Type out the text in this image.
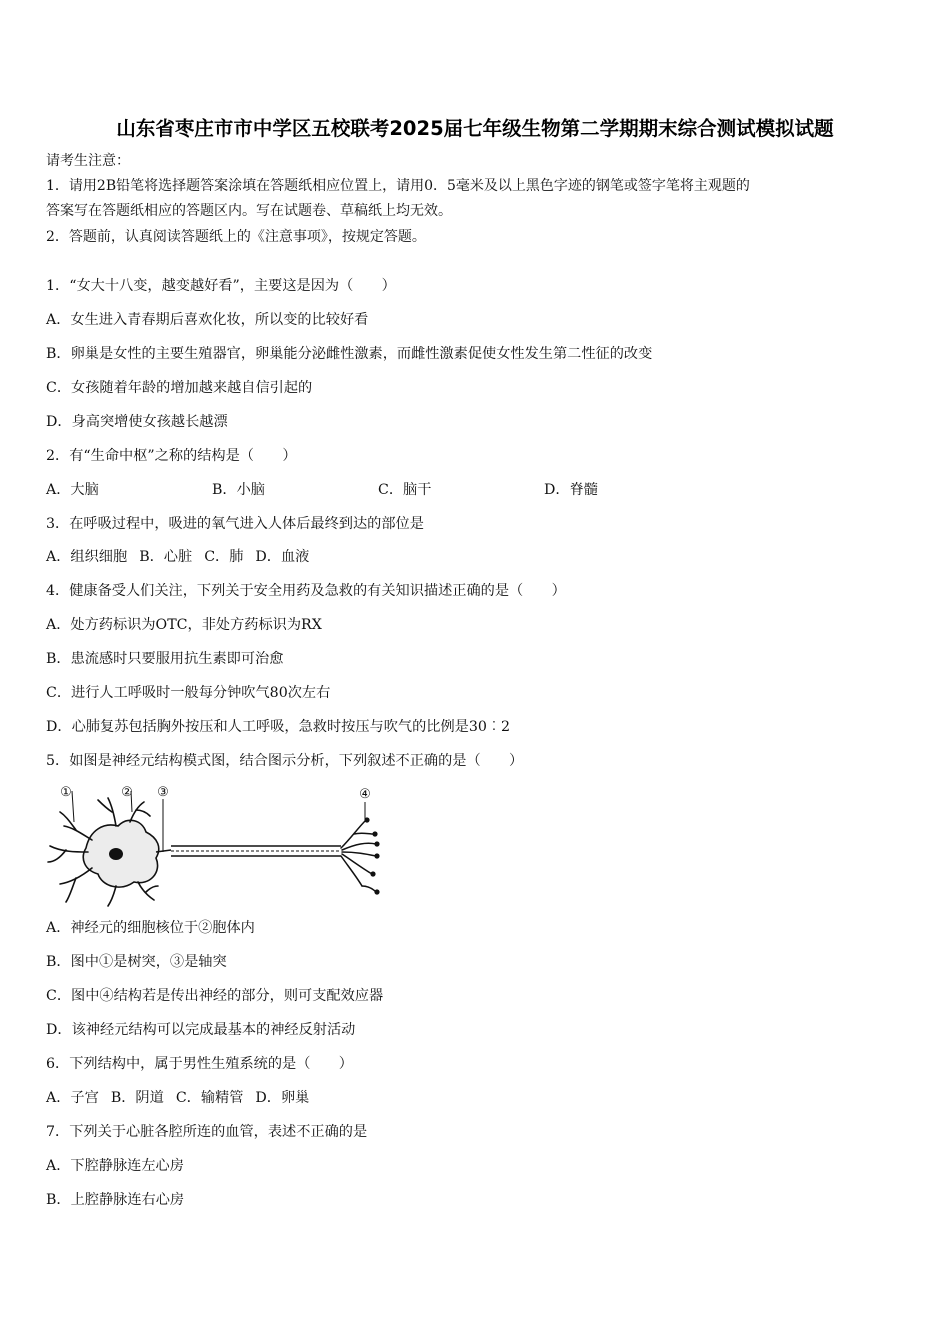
山东省枣庄市市中学区五校联考2025届七年级生物第二学期期末综合测试模拟试题
请考生注意：
1．请用2B铅笔将选择题答案涂填在答题纸相应位置上，请用0．5毫米及以上黑色字迹的钢笔或签字笔将主观题的
答案写在答题纸相应的答题区内。写在试题卷、草稿纸上均无效。
2．答题前，认真阅读答题纸上的《注意事项》，按规定答题。
1．“女大十八变，越变越好看”，主要这是因为（　　）
A．女生进入青春期后喜欢化妆，所以变的比较好看
B．卵巢是女性的主要生殖器官，卵巢能分泌雌性激素，而雌性激素促使女性发生第二性征的改变
C．女孩随着年龄的增加越来越自信引起的
D．身高突增使女孩越长越漂
2．有“生命中枢”之称的结构是（　　）
A．大脑	B．小脑	C．脑干	D．脊髓
3．在呼吸过程中，吸进的氧气进入人体后最终到达的部位是
A．组织细胞 B．心脏 C．肺 D．血液
4．健康备受人们关注，下列关于安全用药及急救的有关知识描述正确的是（　　）
A．处方药标识为OTC，非处方药标识为RX
B．患流感时只要服用抗生素即可治愈
C．进行人工呼吸时一般每分钟吹气80次左右
D．心肺复苏包括胸外按压和人工呼吸，急救时按压与吹气的比例是30︰2
5．如图是神经元结构模式图，结合图示分析，下列叙述不正确的是（　　）
①	② ③	④
A．神经元的细胞核位于②胞体内
B．图中①是树突，③是轴突
C．图中④结构若是传出神经的部分，则可支配效应器
D．该神经元结构可以完成最基本的神经反射活动
6．下列结构中，属于男性生殖系统的是（　　）
A．子宫 B．阴道 C．输精管 D．卵巢
7．下列关于心脏各腔所连的血管，表述不正确的是
A．下腔静脉连左心房
B．上腔静脉连右心房
